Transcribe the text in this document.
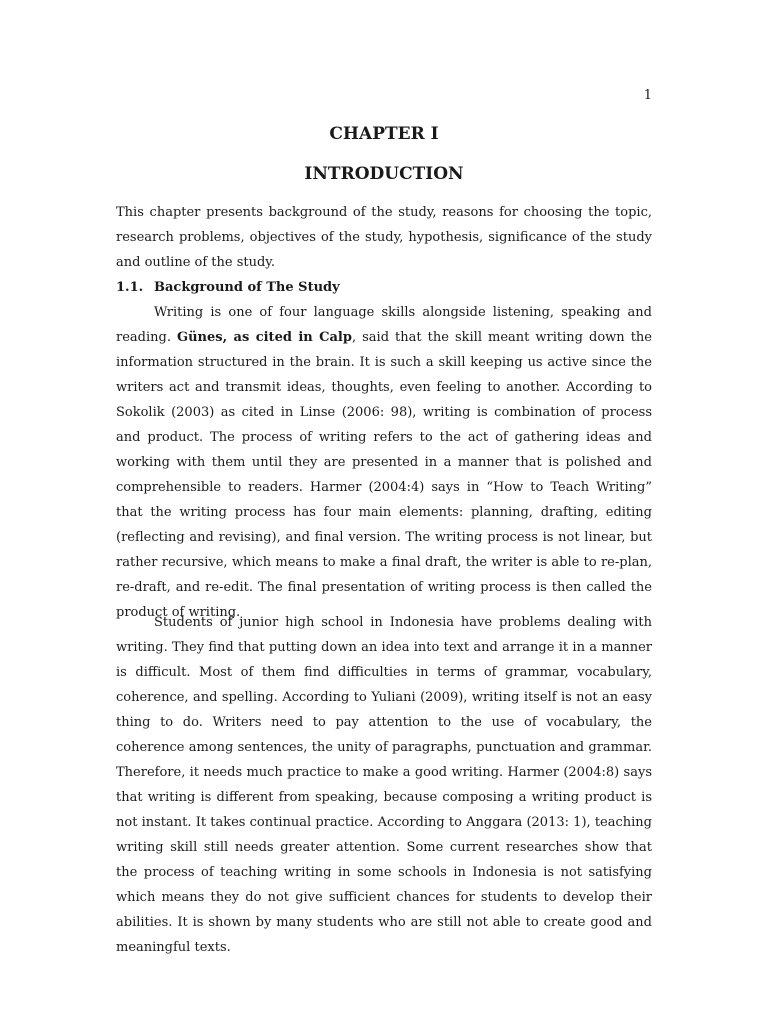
1
CHAPTER I
INTRODUCTION

This chapter presents background of the study, reasons for choosing the topic, research problems, objectives of the study, hypothesis, significance of the study and outline of the study.

1.1. Background of The Study

Writing is one of four language skills alongside listening, speaking and reading. Günes, as cited in Calp, said that the skill meant writing down the information structured in the brain. It is such a skill keeping us active since the writers act and transmit ideas, thoughts, even feeling to another. According to Sokolik (2003) as cited in Linse (2006: 98), writing is combination of process and product. The process of writing refers to the act of gathering ideas and working with them until they are presented in a manner that is polished and comprehensible to readers. Harmer (2004:4) says in “How to Teach Writing” that the writing process has four main elements: planning, drafting, editing (reflecting and revising), and final version. The writing process is not linear, but rather recursive, which means to make a final draft, the writer is able to re-plan, re-draft, and re-edit. The final presentation of writing process is then called the product of writing.

Students of junior high school in Indonesia have problems dealing with writing. They find that putting down an idea into text and arrange it in a manner is difficult. Most of them find difficulties in terms of grammar, vocabulary, coherence, and spelling. According to Yuliani (2009), writing itself is not an easy thing to do. Writers need to pay attention to the use of vocabulary, the coherence among sentences, the unity of paragraphs, punctuation and grammar. Therefore, it needs much practice to make a good writing. Harmer (2004:8) says that writing is different from speaking, because composing a writing product is not instant. It takes continual practice. According to Anggara (2013: 1), teaching writing skill still needs greater attention. Some current researches show that the process of teaching writing in some schools in Indonesia is not satisfying which means they do not give sufficient chances for students to develop their abilities. It is shown by many students who are still not able to create good and meaningful texts.
